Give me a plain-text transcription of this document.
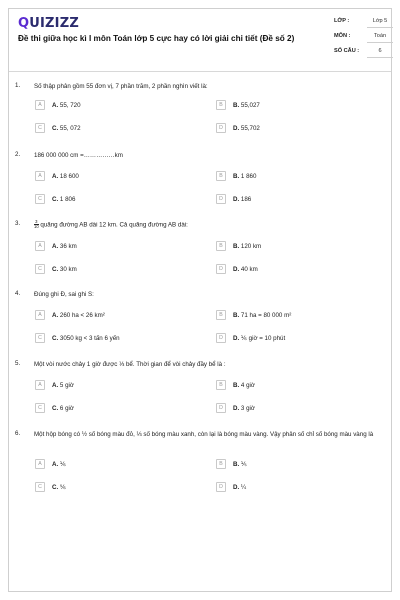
QUIZIZZ
Đề thi giữa học kì I môn Toán lớp 5 cực hay có lời giải chi tiết (Đề số 2)
LỚP :	Lớp 5
MÔN :	Toán
SỐ CÂU :	6
1. Số thập phân gồm 55 đơn vị, 7 phần trăm, 2 phần nghìn viết là:
A	A. 55, 720	B	B. 55,027
C	C. 55, 072	D	D. 55,702
2. 186 000 000 cm =……………km
A	A. 18 600	B	B. 1 860
C	C. 1 806	D	D. 186
3.	$\frac{3}{10}$ quãng đường AB dài 12 km. Cả quãng đường AB dài:
A	A. 36 km	B	B. 120 km
C	C. 30 km	D	D. 40 km
4. Đúng ghi Đ, sai ghi S:
A	A. 260 ha < 26 km²	B	B. 71 ha = 80 000 m²
C	C. 3050 kg < 3 tấn 6 yến	D	D. ⅙ giờ = 10 phút
5. Một vòi nước chảy 1 giờ được ⅓ bể. Thời gian để vòi chảy đầy bể là :
A	A. 5 giờ	B	B. 4 giờ
C	C. 6 giờ	D	D. 3 giờ
6. Một hộp bóng có ½ số bóng màu đỏ, ⅓ số bóng màu xanh, còn lại là bóng màu vàng. Vậy phân số chỉ số bóng màu vàng là
A	A. ⅙	B	B. ⅕
C	C. ⅚	D	D. ¼
